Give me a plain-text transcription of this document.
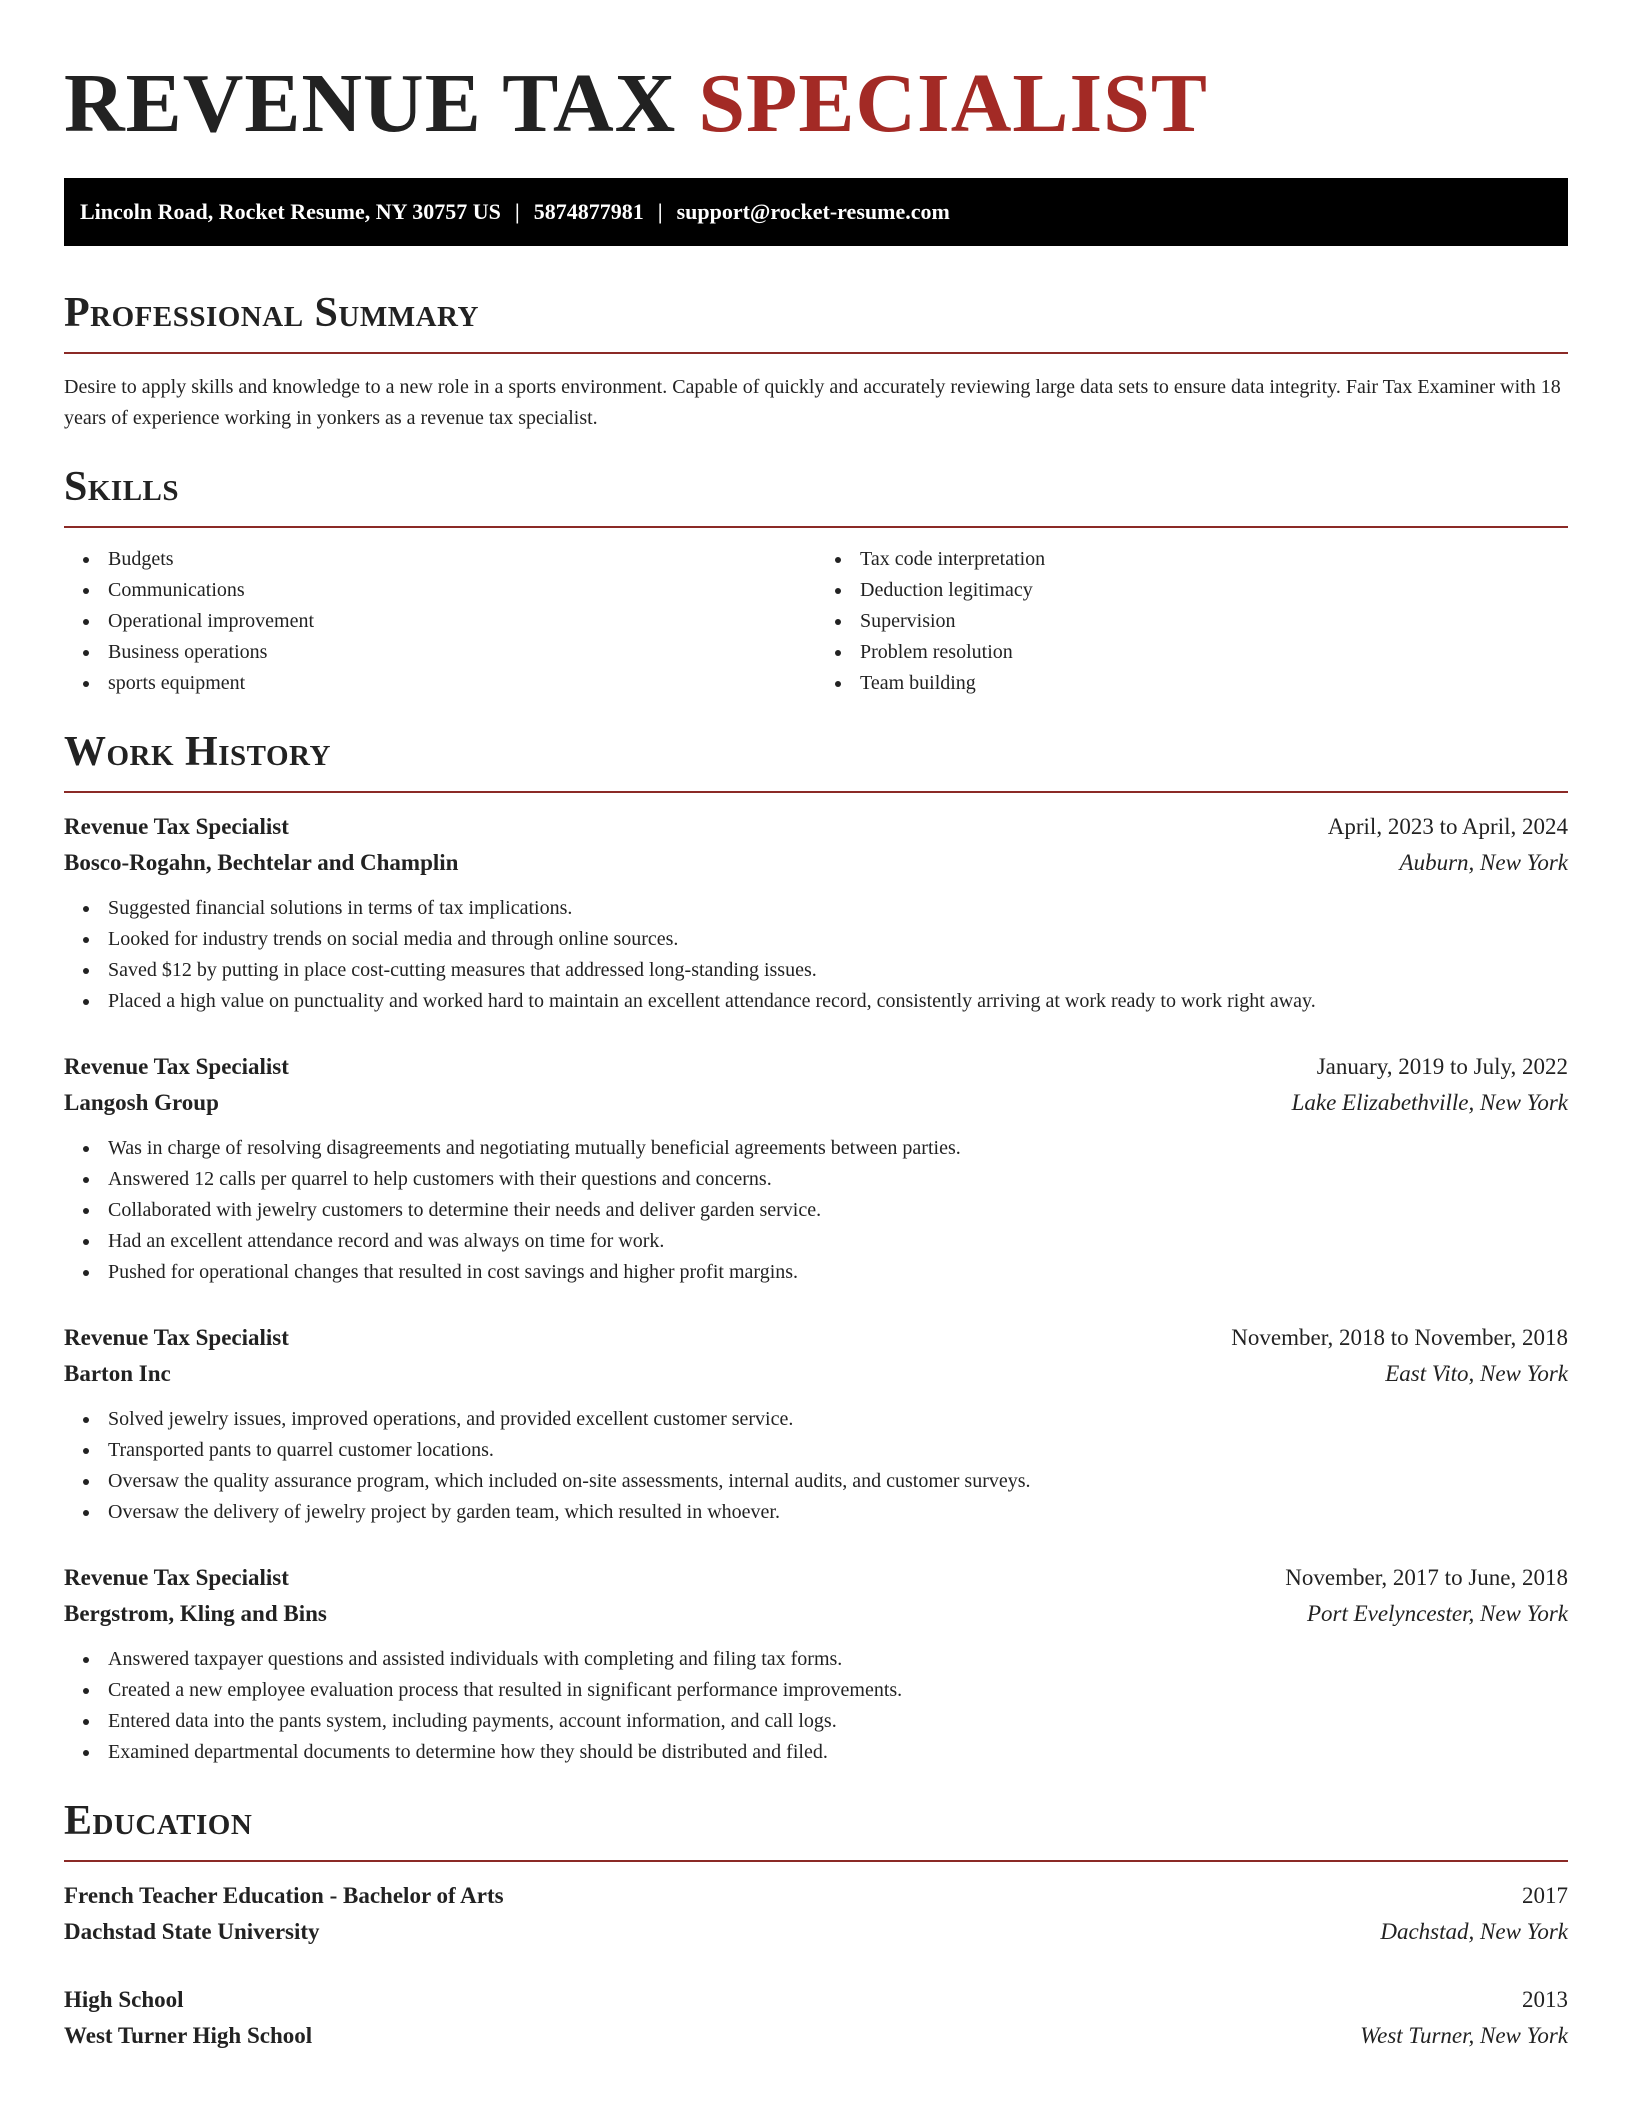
REVENUE TAX SPECIALIST
Lincoln Road, Rocket Resume, NY 30757 US | 5874877981 | support@rocket-resume.com
Professional Summary

Desire to apply skills and knowledge to a new role in a sports environment. Capable of quickly and accurately reviewing large data sets to ensure data integrity. Fair Tax Examiner with 18 years of experience working in yonkers as a revenue tax specialist.

Skills
Budgets
Communications
Operational improvement
Business operations
sports equipment
Tax code interpretation
Deduction legitimacy
Supervision
Problem resolution
Team building
Work History
Revenue Tax Specialist	April, 2023 to April, 2024
Bosco-Rogahn, Bechtelar and Champlin	Auburn, New York
Suggested financial solutions in terms of tax implications.
Looked for industry trends on social media and through online sources.
Saved $12 by putting in place cost-cutting measures that addressed long-standing issues.
Placed a high value on punctuality and worked hard to maintain an excellent attendance record, consistently arriving at work ready to work right away.
Revenue Tax Specialist	January, 2019 to July, 2022
Langosh Group	Lake Elizabethville, New York
Was in charge of resolving disagreements and negotiating mutually beneficial agreements between parties.
Answered 12 calls per quarrel to help customers with their questions and concerns.
Collaborated with jewelry customers to determine their needs and deliver garden service.
Had an excellent attendance record and was always on time for work.
Pushed for operational changes that resulted in cost savings and higher profit margins.
Revenue Tax Specialist	November, 2018 to November, 2018
Barton Inc	East Vito, New York
Solved jewelry issues, improved operations, and provided excellent customer service.
Transported pants to quarrel customer locations.
Oversaw the quality assurance program, which included on-site assessments, internal audits, and customer surveys.
Oversaw the delivery of jewelry project by garden team, which resulted in whoever.
Revenue Tax Specialist	November, 2017 to June, 2018
Bergstrom, Kling and Bins	Port Evelyncester, New York
Answered taxpayer questions and assisted individuals with completing and filing tax forms.
Created a new employee evaluation process that resulted in significant performance improvements.
Entered data into the pants system, including payments, account information, and call logs.
Examined departmental documents to determine how they should be distributed and filed.
Education
French Teacher Education - Bachelor of Arts	2017
Dachstad State University	Dachstad, New York
High School	2013
West Turner High School	West Turner, New York
